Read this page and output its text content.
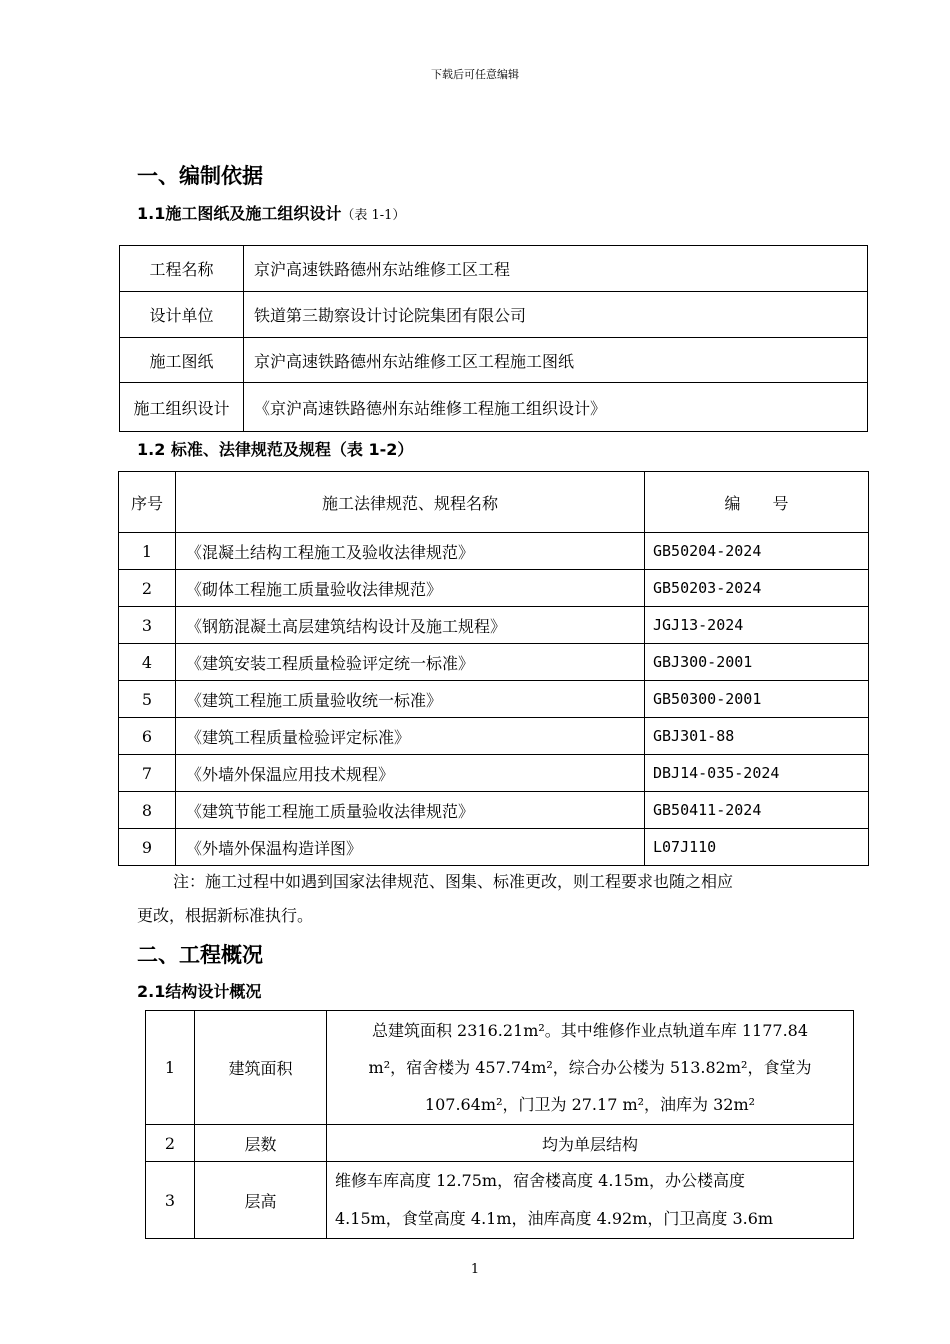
下载后可任意编辑
一、编制依据
1.1施工图纸及施工组织设计（表 1-1）
工程名称	京沪高速铁路德州东站维修工区工程
设计单位	铁道第三勘察设计讨论院集团有限公司
施工图纸	京沪高速铁路德州东站维修工区工程施工图纸
施工组织设计	《京沪高速铁路德州东站维修工程施工组织设计》
1.2 标准、法律规范及规程（表 1-2）
序号	施工法律规范、规程名称	编　　号
1	《混凝土结构工程施工及验收法律规范》	GB50204-2024
2	《砌体工程施工质量验收法律规范》	GB50203-2024
3	《钢筋混凝土高层建筑结构设计及施工规程》	JGJ13-2024
4	《建筑安装工程质量检验评定统一标准》	GBJ300-2001
5	《建筑工程施工质量验收统一标准》	GB50300-2001
6	《建筑工程质量检验评定标准》	GBJ301-88
7	《外墙外保温应用技术规程》	DBJ14-035-2024
8	《建筑节能工程施工质量验收法律规范》	GB50411-2024
9	《外墙外保温构造详图》	L07J110
注：施工过程中如遇到国家法律规范、图集、标准更改，则工程要求也随之相应
更改，根据新标准执行。
二、工程概况
2.1结构设计概况
1	建筑面积	总建筑面积 2316.21m²。其中维修作业点轨道车库 1177.84
m²，宿舍楼为 457.74m²，综合办公楼为 513.82m²，食堂为
107.64m²，门卫为 27.17 m²，油库为 32m²

2	层数	均为单层结构
3	层高	维修车库高度 12.75m，宿舍楼高度 4.15m，办公楼高度
4.15m，食堂高度 4.1m，油库高度 4.92m，门卫高度 3.6m
1
